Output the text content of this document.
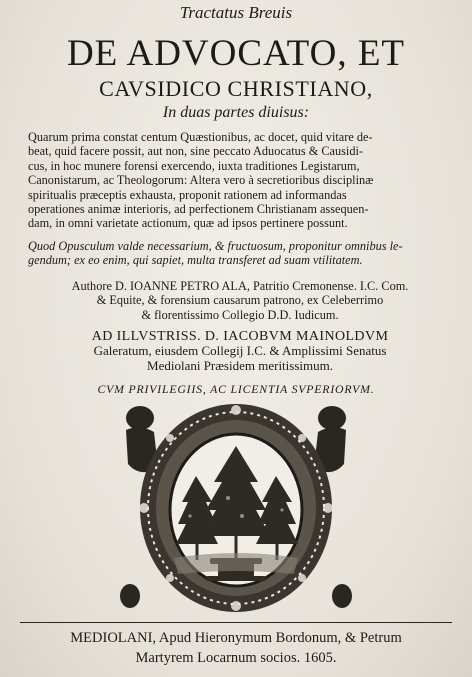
Tractatus Breuis
DE ADVOCATO, ET
CAVSIDICO CHRISTIANO,
In duas partes diuisus:
Quarum prima constat centum Quæstionibus, ac docet, quid vitare de-
beat, quid facere possit, aut non, sine peccato Aduocatus & Causidi-
cus, in hoc munere forensi exercendo, iuxta traditiones Legistarum,
Canonistarum, ac Theologorum: Altera vero à secretioribus disciplinæ
spiritualis præceptis exhausta, proponit rationem ad informandas
operationes animæ interioris, ad perfectionem Christianam assequen-
dam, in omni varietate actionum, quæ ad ipsos pertinere possunt.
Quod Opusculum valde necessarium, & fructuosum, proponitur omnibus le-
gendum; ex eo enim, qui sapiet, multa transferet ad suam vtilitatem.
Authore D. IOANNE PETRO ALA, Patritio Cremonense. I.C. Com.
& Equite, & forensium causarum patrono, ex Celeberrimo
& florentissimo Collegio D.D. Iudicum.
AD ILLVSTRISS. D. IACOBVM MAINOLDVM
Galeratum, eiusdem Collegij I.C. & Amplissimi Senatus
Mediolani Præsidem meritissimum.
CVM PRIVILEGIIS, AC LICENTIA SVPERIORVM.
MEDIOLANI, Apud Hieronymum Bordonum, & Petrum
Martyrem Locarnum socios. 1605.
